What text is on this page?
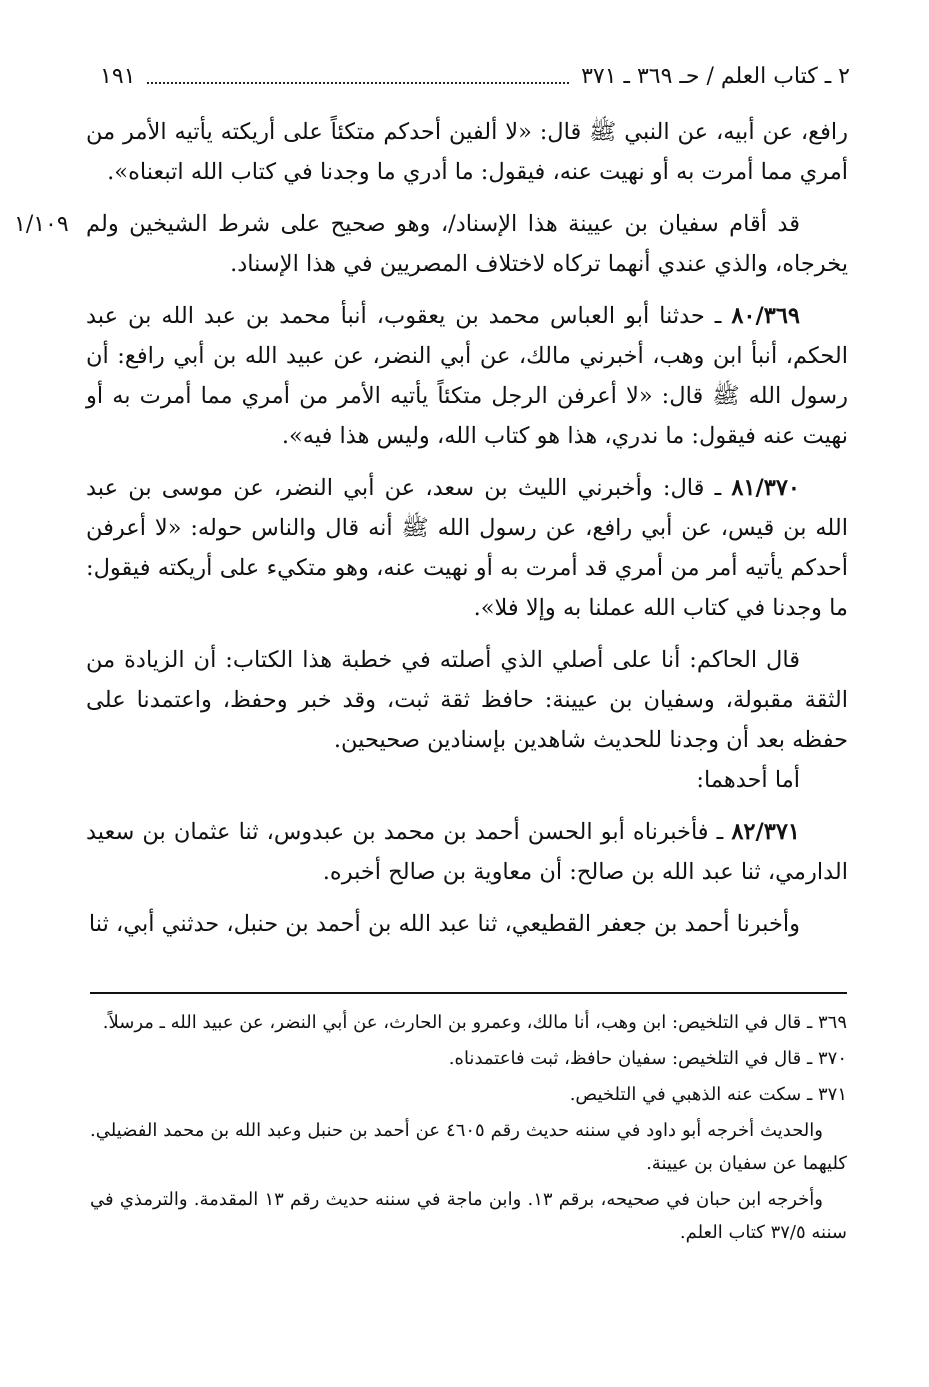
٢ ـ كتاب العلم / حـ ٣٦٩ ـ ٣٧١
١٩١
١/١٠٩

رافع، عن أبيه، عن النبي ﷺ قال: «لا ألفين أحدكم متكئاً على أريكته يأتيه الأمر من أمري مما أمرت به أو نهيت عنه، فيقول: ما أدري ما وجدنا في كتاب الله اتبعناه».

قد أقام سفيان بن عيينة هذا الإسناد/، وهو صحيح على شرط الشيخين ولم يخرجاه، والذي عندي أنهما تركاه لاختلاف المصريين في هذا الإسناد.

٨٠/٣٦٩ ـ حدثنا أبو العباس محمد بن يعقوب، أنبأ محمد بن عبد الله بن عبد الحكم، أنبأ ابن وهب، أخبرني مالك، عن أبي النضر، عن عبيد الله بن أبي رافع: أن رسول الله ﷺ قال: «لا أعرفن الرجل متكئاً يأتيه الأمر من أمري مما أمرت به أو نهيت عنه فيقول: ما ندري، هذا هو كتاب الله، وليس هذا فيه».

٨١/٣٧٠ ـ قال: وأخبرني الليث بن سعد، عن أبي النضر، عن موسى بن عبد الله بن قيس، عن أبي رافع، عن رسول الله ﷺ أنه قال والناس حوله: «لا أعرفن أحدكم يأتيه أمر من أمري قد أمرت به أو نهيت عنه، وهو متكيء على أريكته فيقول: ما وجدنا في كتاب الله عملنا به وإلا فلا».

قال الحاكم: أنا على أصلي الذي أصلته في خطبة هذا الكتاب: أن الزيادة من الثقة مقبولة، وسفيان بن عيينة: حافظ ثقة ثبت، وقد خبر وحفظ، واعتمدنا على حفظه بعد أن وجدنا للحديث شاهدين بإسنادين صحيحين.

أما أحدهما:

٨٢/٣٧١ ـ فأخبرناه أبو الحسن أحمد بن محمد بن عبدوس، ثنا عثمان بن سعيد الدارمي، ثنا عبد الله بن صالح: أن معاوية بن صالح أخبره.

وأخبرنا أحمد بن جعفر القطيعي، ثنا عبد الله بن أحمد بن حنبل، حدثني أبي، ثنا

٣٦٩ ـ قال في التلخيص: ابن وهب، أنا مالك، وعمرو بن الحارث، عن أبي النضر، عن عبيد الله ـ مرسلاً.

٣٧٠ ـ قال في التلخيص: سفيان حافظ، ثبت فاعتمدناه.

٣٧١ ـ سكت عنه الذهبي في التلخيص.

والحديث أخرجه أبو داود في سننه حديث رقم ٤٦٠٥ عن أحمد بن حنبل وعبد الله بن محمد الفضيلي. كليهما عن سفيان بن عيينة.

وأخرجه ابن حبان في صحيحه، برقم ١٣. وابن ماجة في سننه حديث رقم ١٣ المقدمة. والترمذي في سننه ٣٧/٥ كتاب العلم.
